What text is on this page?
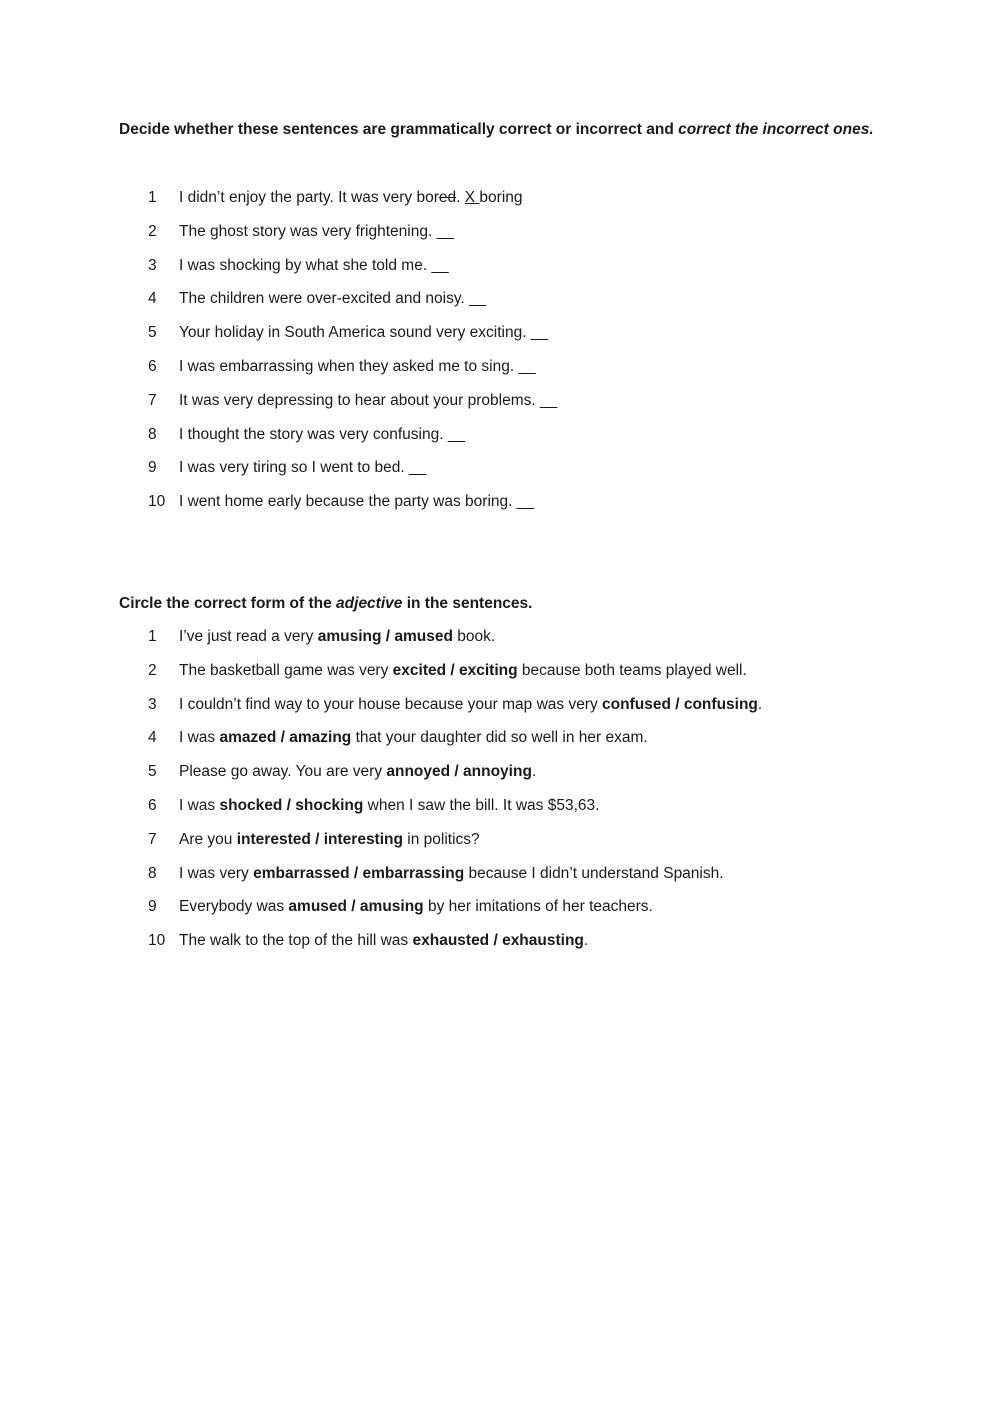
Decide whether these sentences are grammatically correct or incorrect and correct the incorrect ones.
1 I didn’t enjoy the party. It was very bored. X boring
2 The ghost story was very frightening. __
3 I was shocking by what she told me. __
4 The children were over-excited and noisy. __
5 Your holiday in South America sound very exciting. __
6 I was embarrassing when they asked me to sing. __
7 It was very depressing to hear about your problems. __
8 I thought the story was very confusing. __
9 I was very tiring so I went to bed. __
10 I went home early because the party was boring. __
Circle the correct form of the adjective in the sentences.
1 I’ve just read a very amusing / amused book.
2 The basketball game was very excited / exciting because both teams played well.
3 I couldn’t find way to your house because your map was very confused / confusing.
4 I was amazed / amazing that your daughter did so well in her exam.
5 Please go away. You are very annoyed / annoying.
6 I was shocked / shocking when I saw the bill. It was $53,63.
7 Are you interested / interesting in politics?
8 I was very embarrassed / embarrassing because I didn’t understand Spanish.
9 Everybody was amused / amusing by her imitations of her teachers.
10 The walk to the top of the hill was exhausted / exhausting.
